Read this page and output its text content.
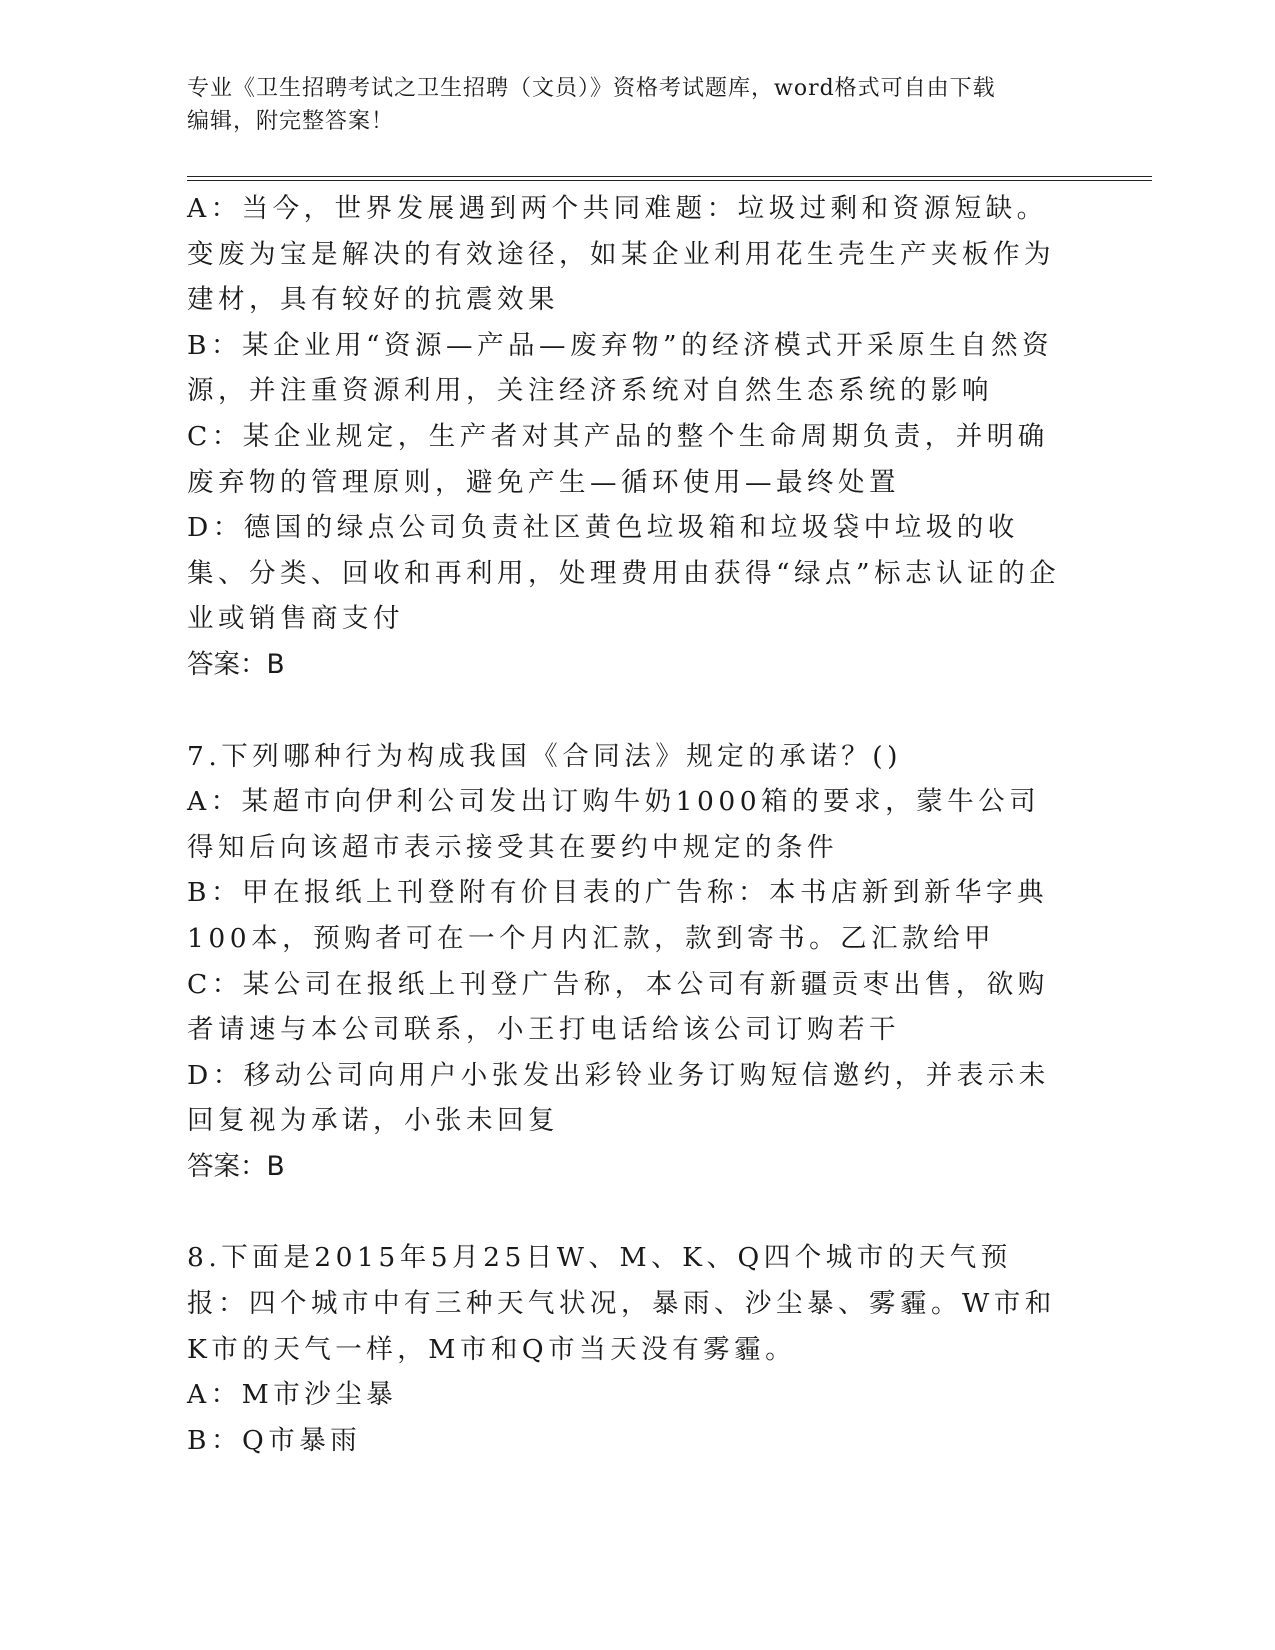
专业《卫生招聘考试之卫生招聘（文员）》资格考试题库，word格式可自由下载
编辑，附完整答案！

A：当今，世界发展遇到两个共同难题：垃圾过剩和资源短缺。变废为宝是解决的有效途径，如某企业利用花生壳生产夹板作为建材，具有较好的抗震效果

B：某企业用“资源—产品—废弃物”的经济模式开采原生自然资源，并注重资源利用，关注经济系统对自然生态系统的影响

C：某企业规定，生产者对其产品的整个生命周期负责，并明确废弃物的管理原则，避免产生—循环使用—最终处置

D：德国的绿点公司负责社区黄色垃圾箱和垃圾袋中垃圾的收集、分类、回收和再利用，处理费用由获得“绿点”标志认证的企业或销售商支付

答案：B

7.下列哪种行为构成我国《合同法》规定的承诺？()

A：某超市向伊利公司发出订购牛奶1000箱的要求，蒙牛公司得知后向该超市表示接受其在要约中规定的条件

B：甲在报纸上刊登附有价目表的广告称：本书店新到新华字典100本，预购者可在一个月内汇款，款到寄书。乙汇款给甲

C：某公司在报纸上刊登广告称，本公司有新疆贡枣出售，欲购者请速与本公司联系，小王打电话给该公司订购若干

D：移动公司向用户小张发出彩铃业务订购短信邀约，并表示未回复视为承诺，小张未回复

答案：B

8.下面是2015年5月25日W、M、K、Q四个城市的天气预报：四个城市中有三种天气状况，暴雨、沙尘暴、雾霾。W市和K市的天气一样，M市和Q市当天没有雾霾。

A：M市沙尘暴

B：Q市暴雨
